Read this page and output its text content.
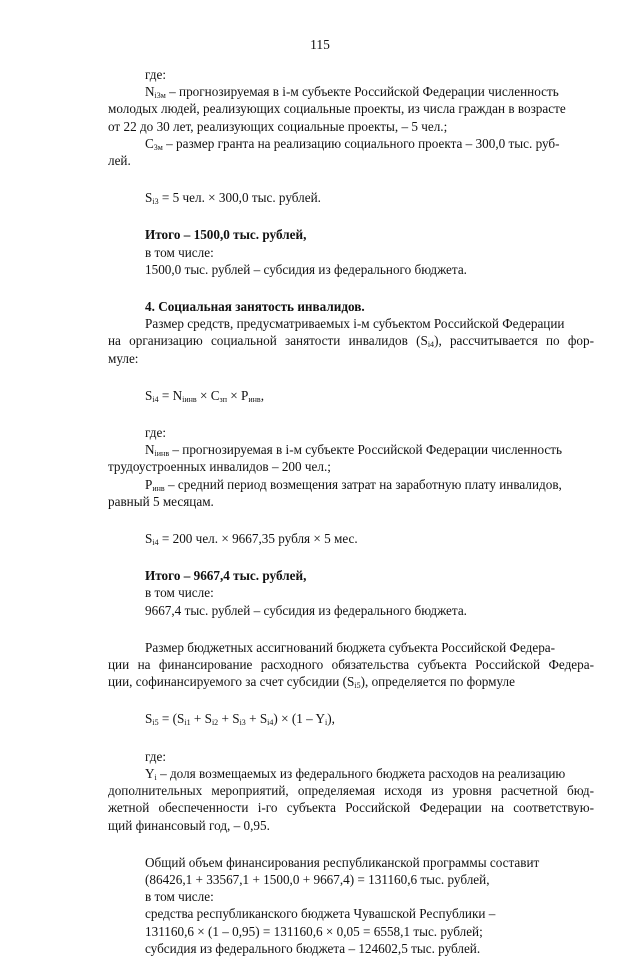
115

где:

$N_{i3м}$ – прогнозируемая в i-м субъекте Российской Федерации численность

молодых людей, реализующих социальные проекты, из числа граждан в возрасте

от 22 до 30 лет, реализующих социальные проекты, – 5 чел.;

$С_{3м}$ – размер гранта на реализацию социального проекта – 300,0 тыс. руб-

лей.

$S_{i3} = 5$ чел. × 300,0 тыс. рублей.

Итого – 1500,0 тыс. рублей,

в том числе:

1500,0 тыс. рублей – субсидия из федерального бюджета.

4. Социальная занятость инвалидов.

Размер средств, предусматриваемых i-м субъектом Российской Федерации

на организацию социальной занятости инвалидов $(S_{i4})$, рассчитывается по фор-

муле:

$S_{i4} = N_{iинв} \times С_{зп} \times P_{инв}$,

где:

$N_{iинв}$ – прогнозируемая в i-м субъекте Российской Федерации численность

трудоустроенных инвалидов – 200 чел.;

$P_{инв}$ – средний период возмещения затрат на заработную плату инвалидов,

равный 5 месяцам.

$S_{i4} = 200$ чел. × 9667,35 рубля × 5 мес.

Итого – 9667,4 тыс. рублей,

в том числе:

9667,4 тыс. рублей – субсидия из федерального бюджета.

Размер бюджетных ассигнований бюджета субъекта Российской Федера-

ции на финансирование расходного обязательства субъекта Российской Федера-

ции, софинансируемого за счет субсидии $(S_{i5})$, определяется по формуле

$S_{i5} = (S_{i1} + S_{i2} + S_{i3} + S_{i4}) \times (1 - Y_i)$,

где:

$Y_i$ – доля возмещаемых из федерального бюджета расходов на реализацию

дополнительных мероприятий, определяемая исходя из уровня расчетной бюд-

жетной обеспеченности i-го субъекта Российской Федерации на соответствую-

щий финансовый год, – 0,95.

Общий объем финансирования республиканской программы составит

(86426,1 + 33567,1 + 1500,0 + 9667,4) = 131160,6 тыс. рублей,

в том числе:

средства республиканского бюджета Чувашской Республики –

131160,6 × (1 – 0,95) = 131160,6 × 0,05 = 6558,1 тыс. рублей;

субсидия из федерального бюджета – 124602,5 тыс. рублей.
